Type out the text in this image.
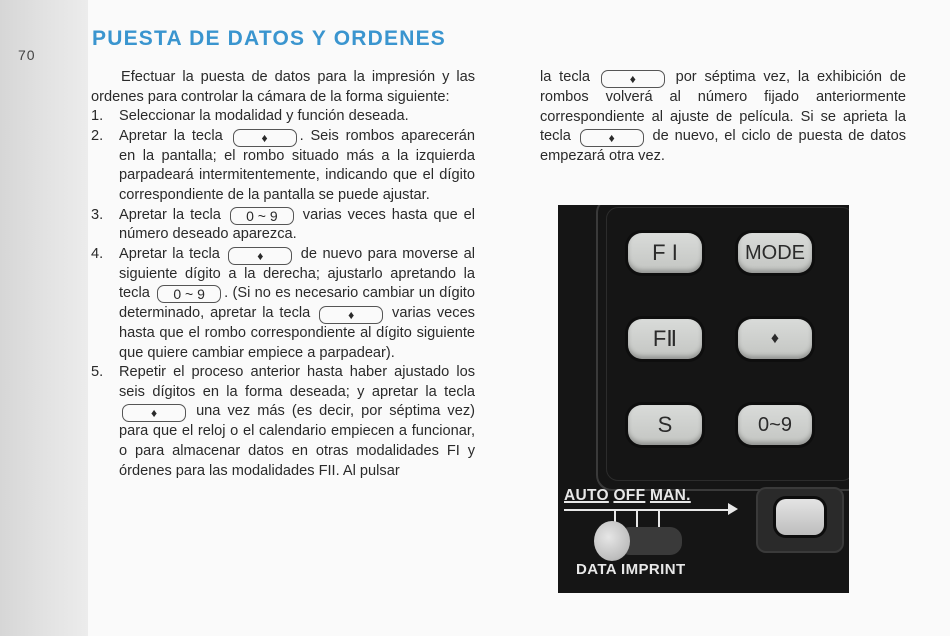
70
PUESTA DE DATOS Y ORDENES

Efectuar la puesta de datos para la impresión y las ordenes para controlar la cámara de la forma siguiente:

1. Seleccionar la modalidad y función deseada.
2. Apretar la tecla	♦ . Seis rombos aparecerán en la pantalla; el rombo situado más a la izquierda parpadeará intermitentemente, indicando que el dígito correspondiente de la pantalla se puede ajustar.
3. Apretar la tecla 0 ~ 9 varias veces hasta que el número deseado aparezca.
4. Apretar la tecla	♦	de nuevo para moverse al siguiente dígito a la derecha; ajustarlo apretando la tecla 0 ~ 9 . (Si no es necesario cambiar un dígito determinado, apretar la tecla	♦	varias veces hasta que el rombo correspondiente al dígito siguiente que quiere cambiar empiece a parpadear).
5. Repetir el proceso anterior hasta haber ajustado los seis dígitos en la forma deseada; y apretar la tecla ♦	una vez más (es decir, por séptima vez) para que el reloj o el calendario empiecen a funcionar, o para almacenar datos en otras modalidades FI y órdenes para las modalidades FII. Al pulsar

la tecla	♦	por séptima vez, la exhibición de rombos volverá al número fijado anteriormente correspondiente al ajuste de película. Si se aprieta la tecla	♦	de nuevo, el ciclo de puesta de datos empezará otra vez.

F I	MODE
FⅡ	♦
S	0~9
AUTO OFF MAN.
DATA IMPRINT
